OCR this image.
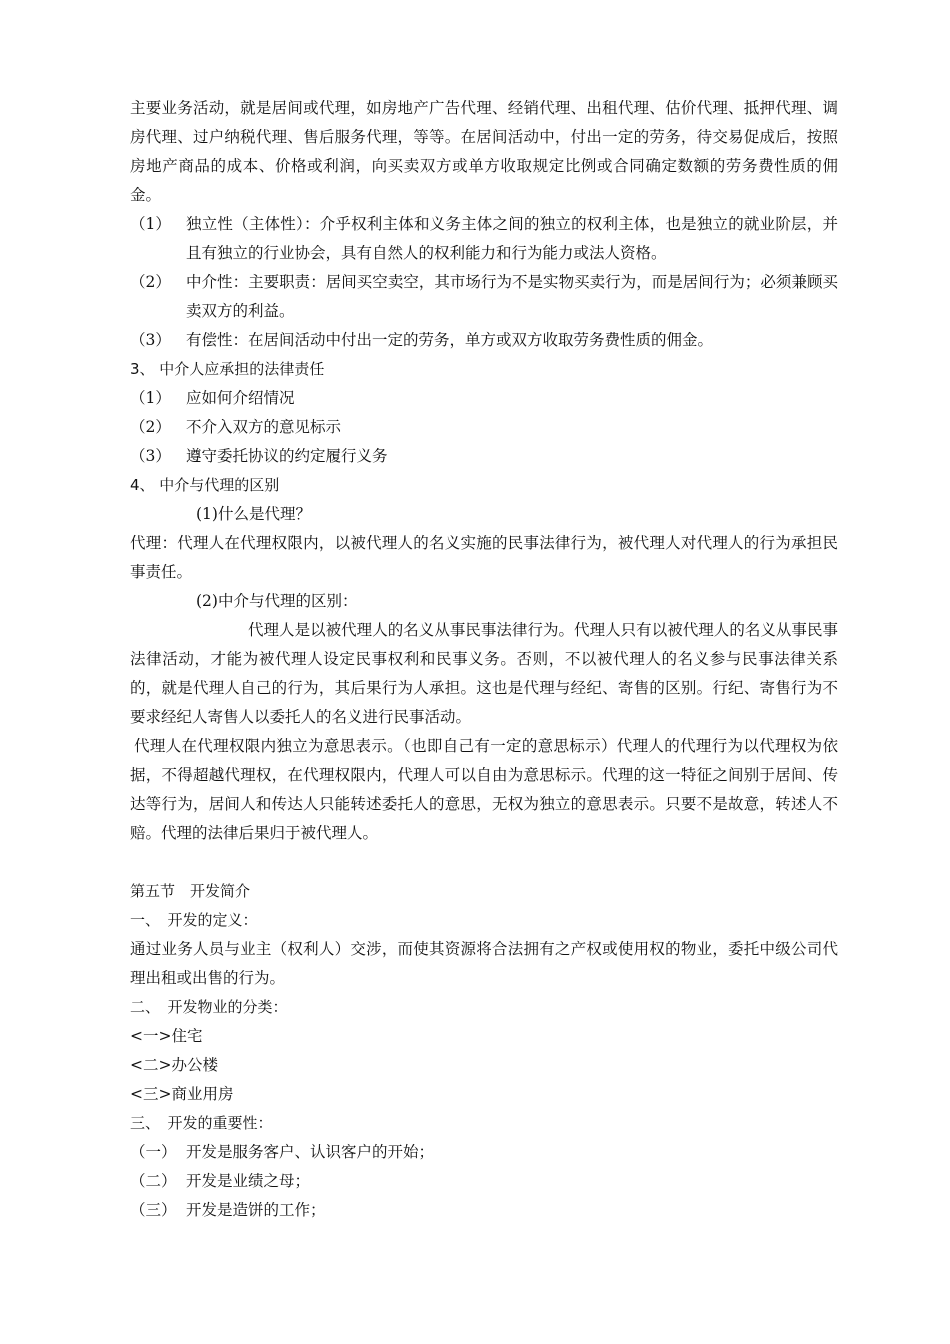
主要业务活动，就是居间或代理，如房地产广告代理、经销代理、出租代理、估价代理、抵押代理、调房代理、过户纳税代理、售后服务代理，等等。在居间活动中，付出一定的劳务，待交易促成后，按照房地产商品的成本、价格或利润，向买卖双方或单方收取规定比例或合同确定数额的劳务费性质的佣金。

（1） 独立性（主体性）：介乎权利主体和义务主体之间的独立的权利主体，也是独立的就业阶层，并且有独立的行业协会，具有自然人的权利能力和行为能力或法人资格。
（2） 中介性：主要职责：居间买空卖空，其市场行为不是实物买卖行为，而是居间行为；必须兼顾买卖双方的利益。
（3） 有偿性：在居间活动中付出一定的劳务，单方或双方收取劳务费性质的佣金。

3、 中介人应承担的法律责任

（1） 应如何介绍情况
（2） 不介入双方的意见标示
（3） 遵守委托协议的约定履行义务

4、 中介与代理的区别

(1)什么是代理？

代理：代理人在代理权限内，以被代理人的名义实施的民事法律行为，被代理人对代理人的行为承担民事责任。

(2)中介与代理的区别：

代理人是以被代理人的名义从事民事法律行为。代理人只有以被代理人的名义从事民事法律活动，才能为被代理人设定民事权利和民事义务。否则，不以被代理人的名义参与民事法律关系的，就是代理人自己的行为，其后果行为人承担。这也是代理与经纪、寄售的区别。行纪、寄售行为不要求经纪人寄售人以委托人的名义进行民事活动。

代理人在代理权限内独立为意思表示。（也即自己有一定的意思标示）代理人的代理行为以代理权为依据，不得超越代理权，在代理权限内，代理人可以自由为意思标示。代理的这一特征之间别于居间、传达等行为，居间人和传达人只能转述委托人的意思，无权为独立的意思表示。只要不是故意，转述人不赔。代理的法律后果归于被代理人。

第五节　开发简介

一、　开发的定义：

通过业务人员与业主（权利人）交涉，而使其资源将合法拥有之产权或使用权的物业，委托中级公司代理出租或出售的行为。

二、　开发物业的分类：

<一>住宅

<二>办公楼

<三>商业用房

三、　开发的重要性：

（一） 开发是服务客户、认识客户的开始；
（二） 开发是业绩之母；
（三） 开发是造饼的工作；
